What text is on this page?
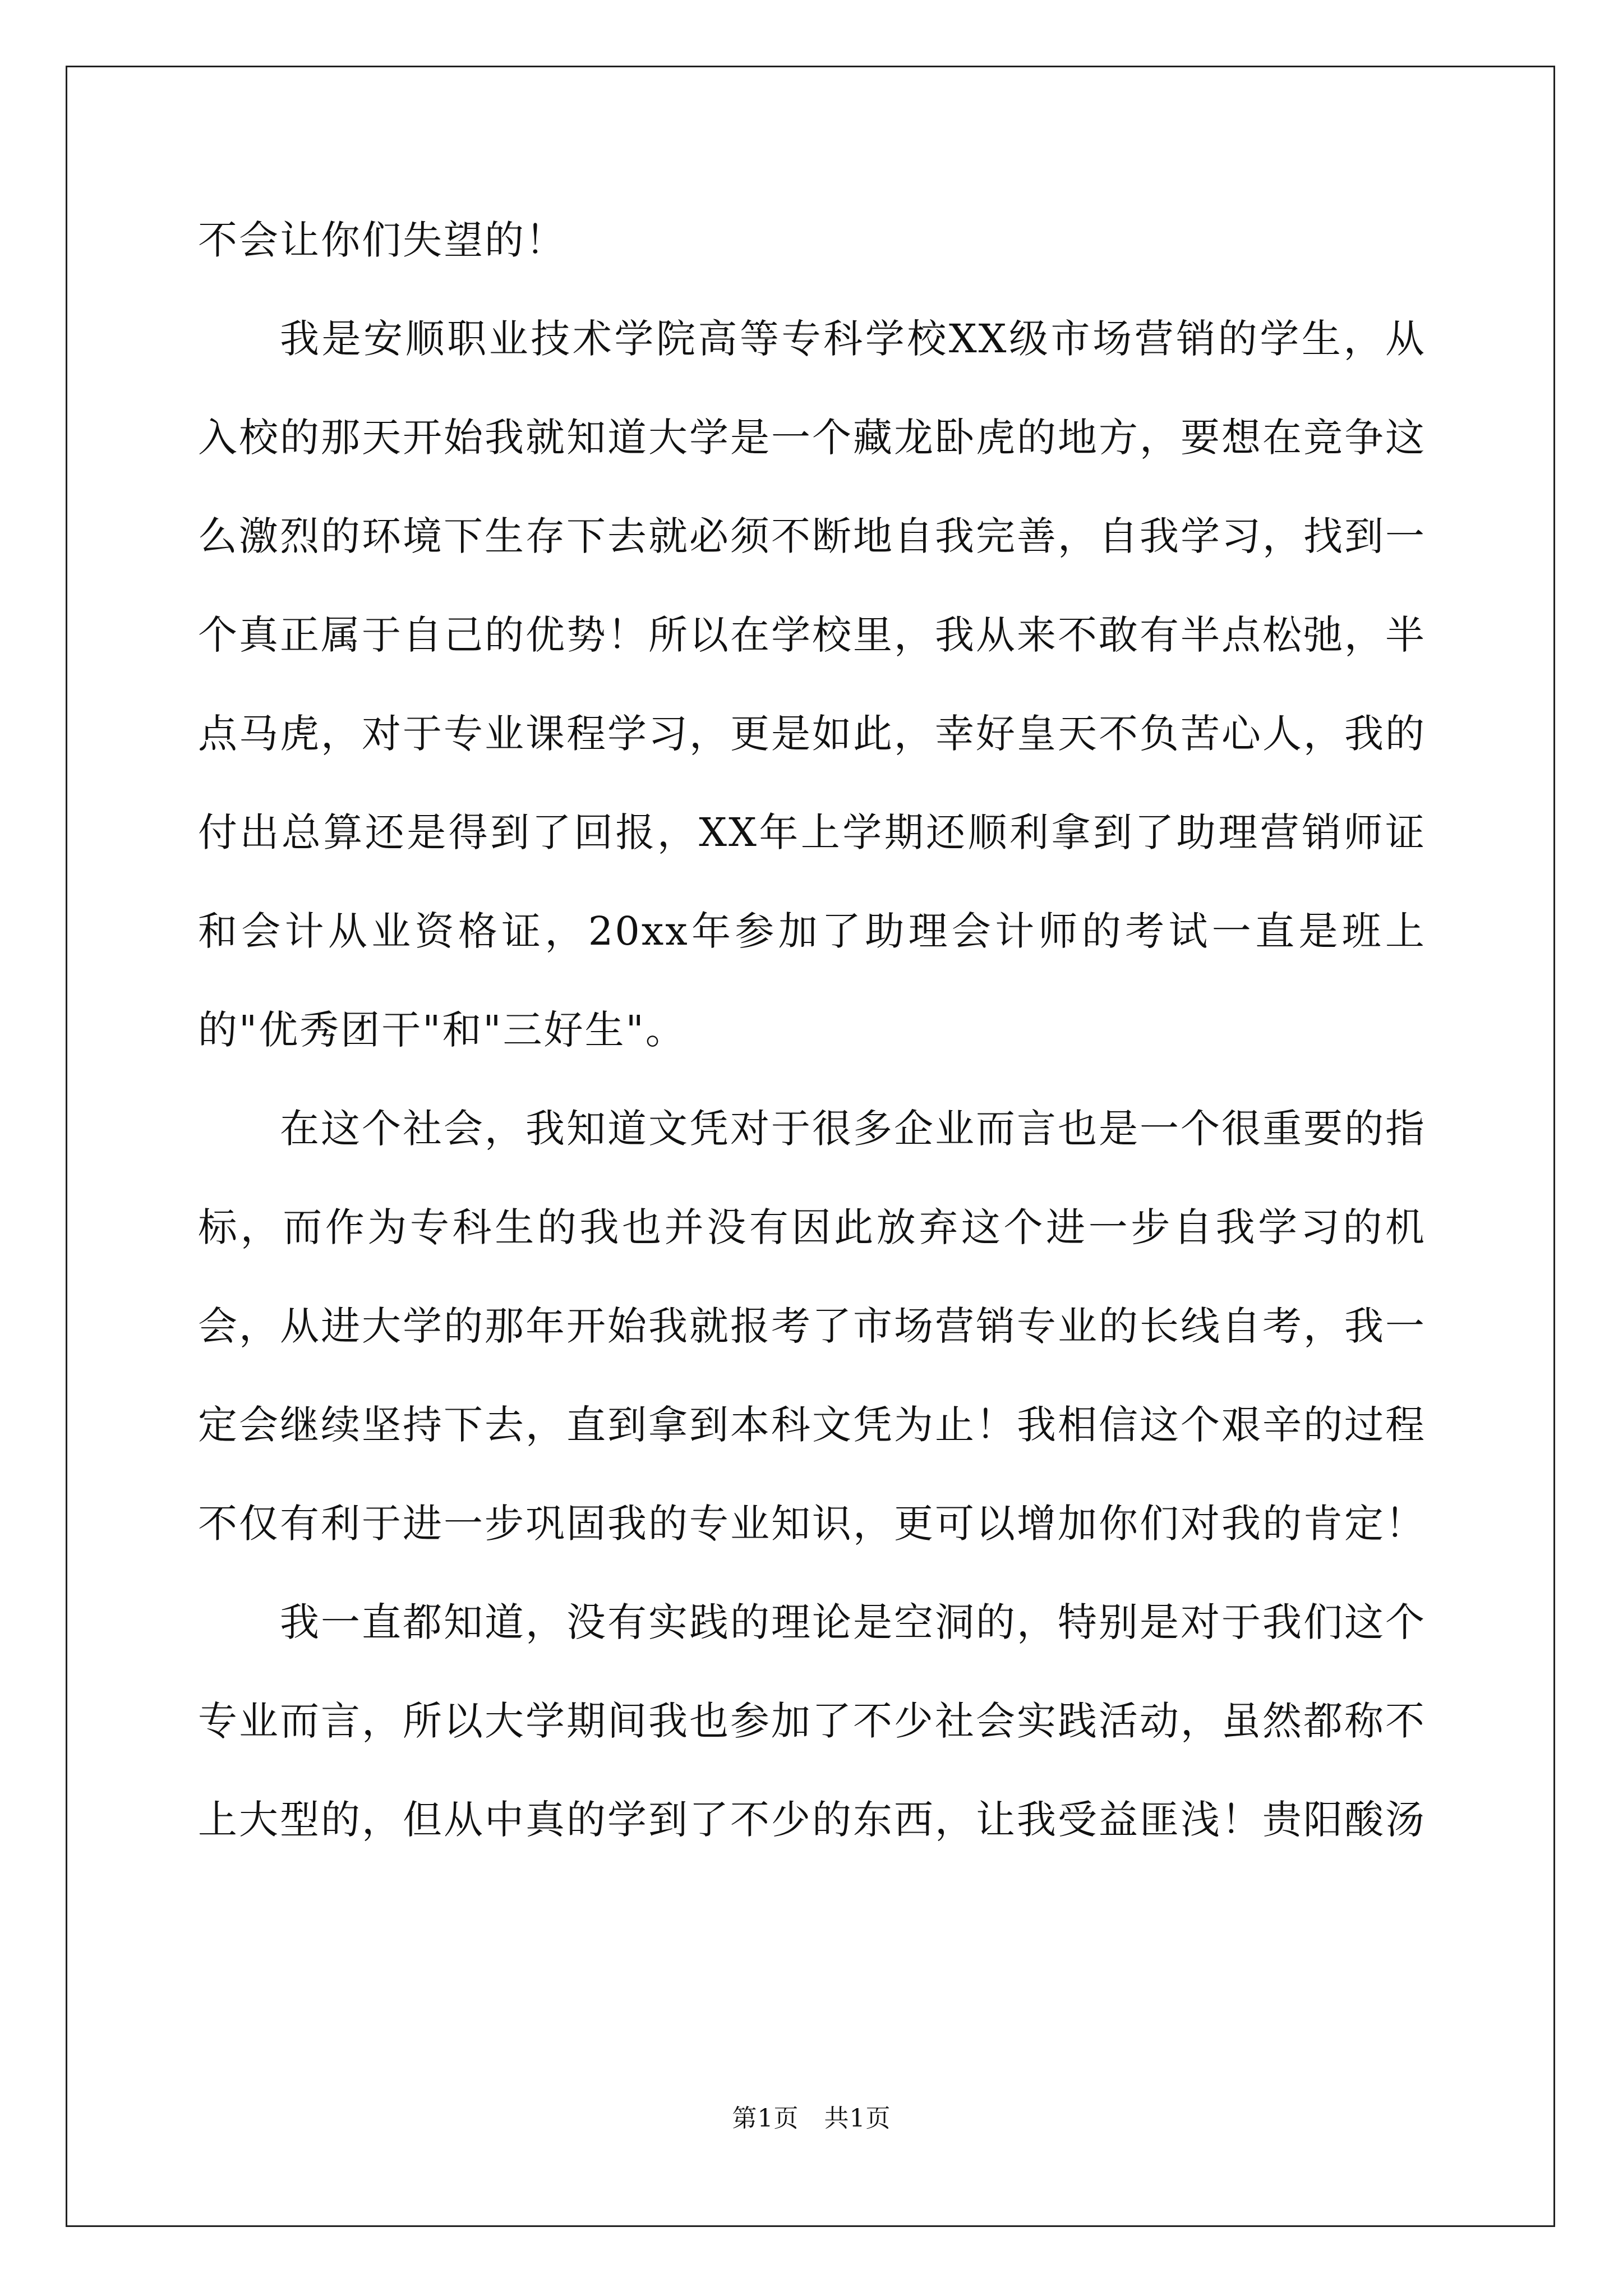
不会让你们失望的！

我是安顺职业技术学院高等专科学校XX级市场营销的学生，从入校的那天开始我就知道大学是一个藏龙卧虎的地方，要想在竞争这么激烈的环境下生存下去就必须不断地自我完善，自我学习，找到一个真正属于自己的优势！所以在学校里，我从来不敢有半点松弛，半点马虎，对于专业课程学习，更是如此，幸好皇天不负苦心人，我的付出总算还是得到了回报，XX年上学期还顺利拿到了助理营销师证和会计从业资格证，20xx年参加了助理会计师的考试一直是班上的"优秀团干"和"三好生"。

在这个社会，我知道文凭对于很多企业而言也是一个很重要的指标，而作为专科生的我也并没有因此放弃这个进一步自我学习的机会，从进大学的那年开始我就报考了市场营销专业的长线自考，我一定会继续坚持下去，直到拿到本科文凭为止！我相信这个艰辛的过程不仅有利于进一步巩固我的专业知识，更可以增加你们对我的肯定！

我一直都知道，没有实践的理论是空洞的，特别是对于我们这个专业而言，所以大学期间我也参加了不少社会实践活动，虽然都称不上大型的，但从中真的学到了不少的东西，让我受益匪浅！贵阳酸汤

第1页　共1页
